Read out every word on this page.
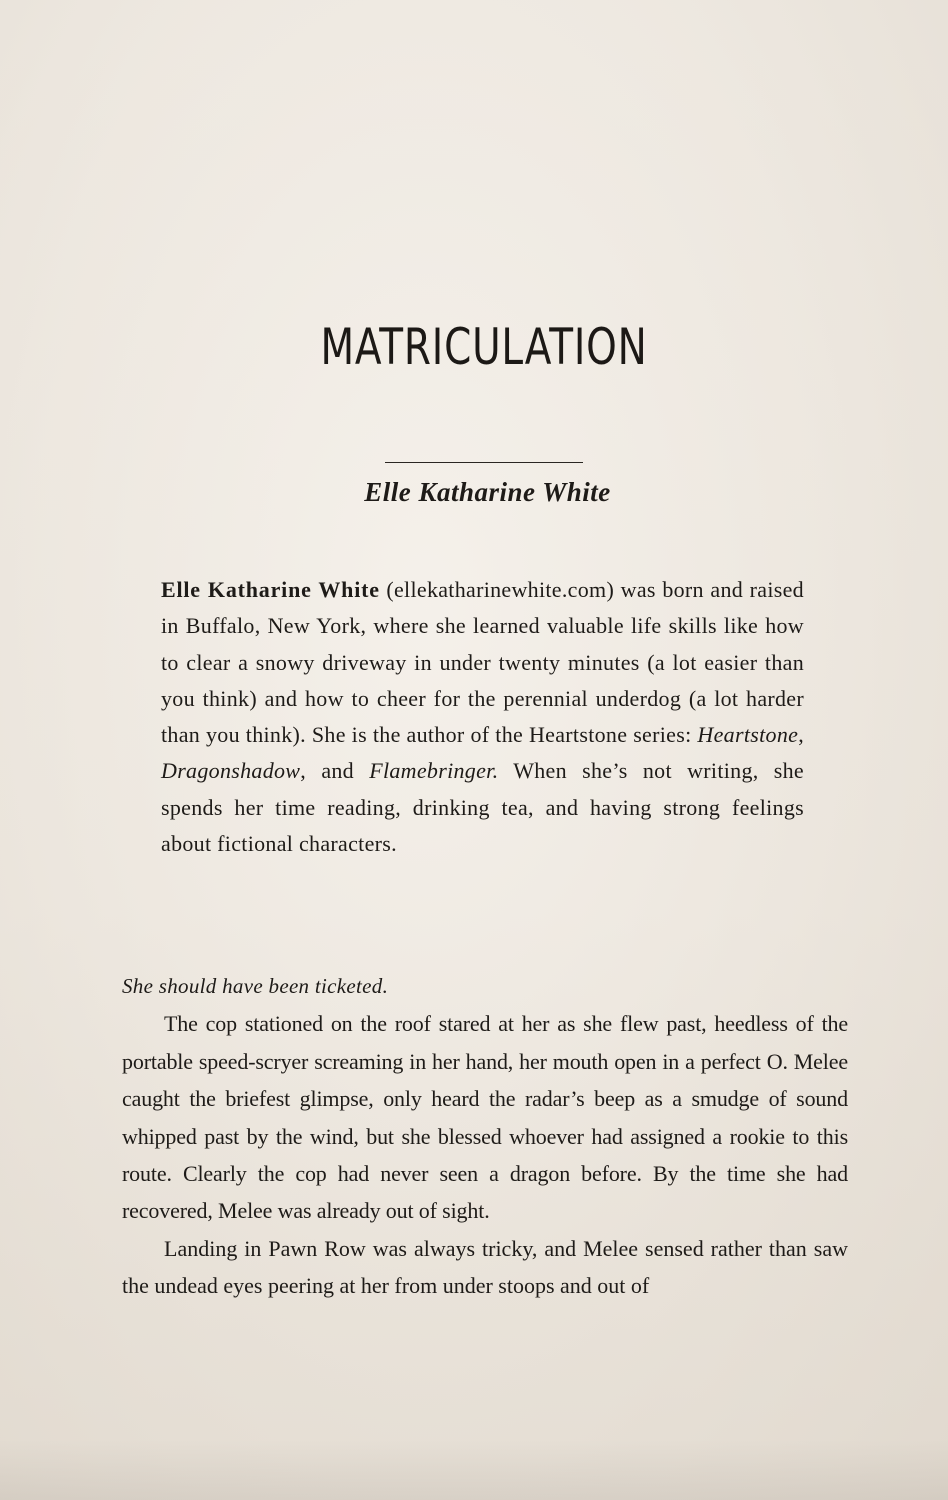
MATRICULATION
Elle Katharine White

Elle Katharine White (ellekatharinewhite.com) was born and raised in Buffalo, New York, where she learned valuable life skills like how to clear a snowy driveway in under twenty minutes (a lot easier than you think) and how to cheer for the perennial underdog (a lot harder than you think). She is the author of the Heartstone series: Heartstone, Dragonshadow, and Flamebringer. When she’s not writing, she spends her time reading, drinking tea, and having strong feelings about fictional characters.

She should have been ticketed.

The cop stationed on the roof stared at her as she flew past, heedless of the portable speed-scryer screaming in her hand, her mouth open in a perfect O. Melee caught the briefest glimpse, only heard the radar’s beep as a smudge of sound whipped past by the wind, but she blessed whoever had assigned a rookie to this route. Clearly the cop had never seen a dragon before. By the time she had recovered, Melee was already out of sight.

Landing in Pawn Row was always tricky, and Melee sensed rather than saw the undead eyes peering at her from under stoops and out of
